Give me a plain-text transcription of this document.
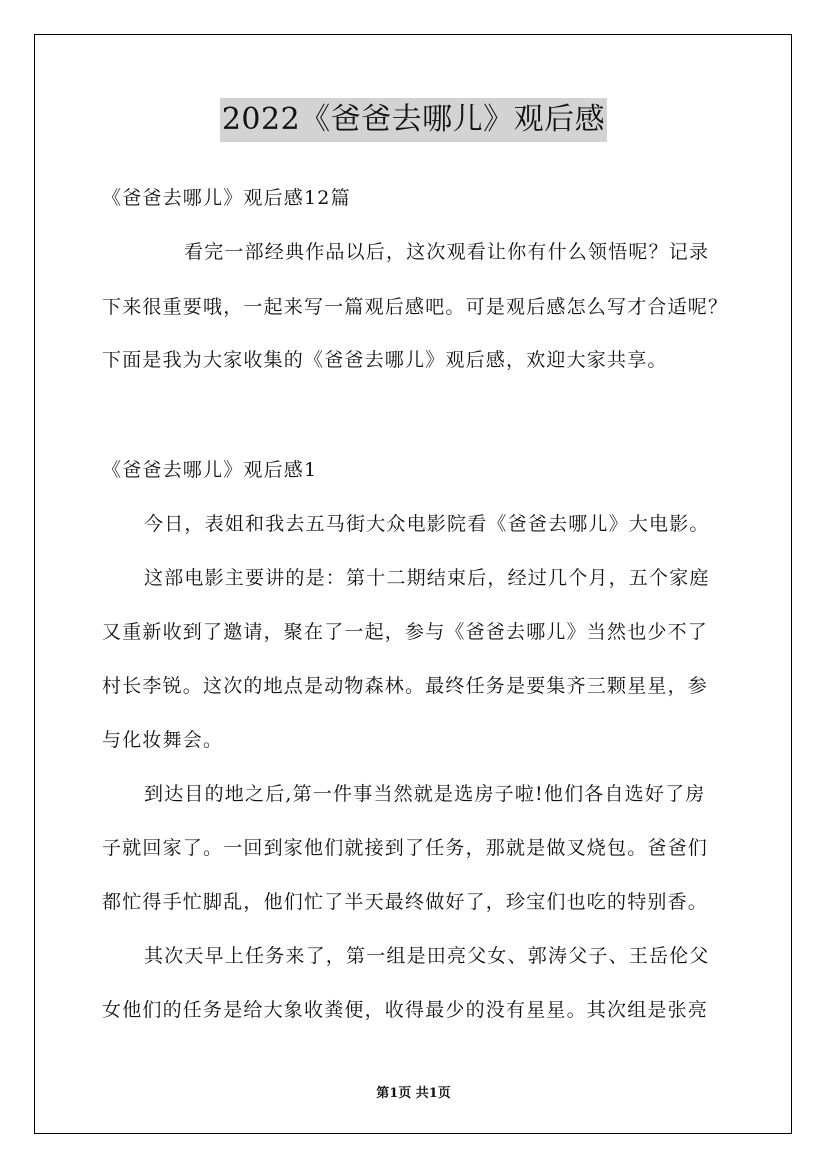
2022《爸爸去哪儿》观后感
《爸爸去哪儿》观后感12篇
看完一部经典作品以后，这次观看让你有什么领悟呢？记录
下来很重要哦，一起来写一篇观后感吧。可是观后感怎么写才合适呢？
下面是我为大家收集的《爸爸去哪儿》观后感，欢迎大家共享。
《爸爸去哪儿》观后感1
今日，表姐和我去五马街大众电影院看《爸爸去哪儿》大电影。
这部电影主要讲的是：第十二期结束后，经过几个月，五个家庭
又重新收到了邀请，聚在了一起，参与《爸爸去哪儿》当然也少不了
村长李锐。这次的地点是动物森林。最终任务是要集齐三颗星星，参
与化妆舞会。
到达目的地之后,第一件事当然就是选房子啦!他们各自选好了房
子就回家了。一回到家他们就接到了任务，那就是做叉烧包。爸爸们
都忙得手忙脚乱，他们忙了半天最终做好了，珍宝们也吃的特别香。
其次天早上任务来了，第一组是田亮父女、郭涛父子、王岳伦父
女他们的任务是给大象收粪便，收得最少的没有星星。其次组是张亮
第1页 共1页
